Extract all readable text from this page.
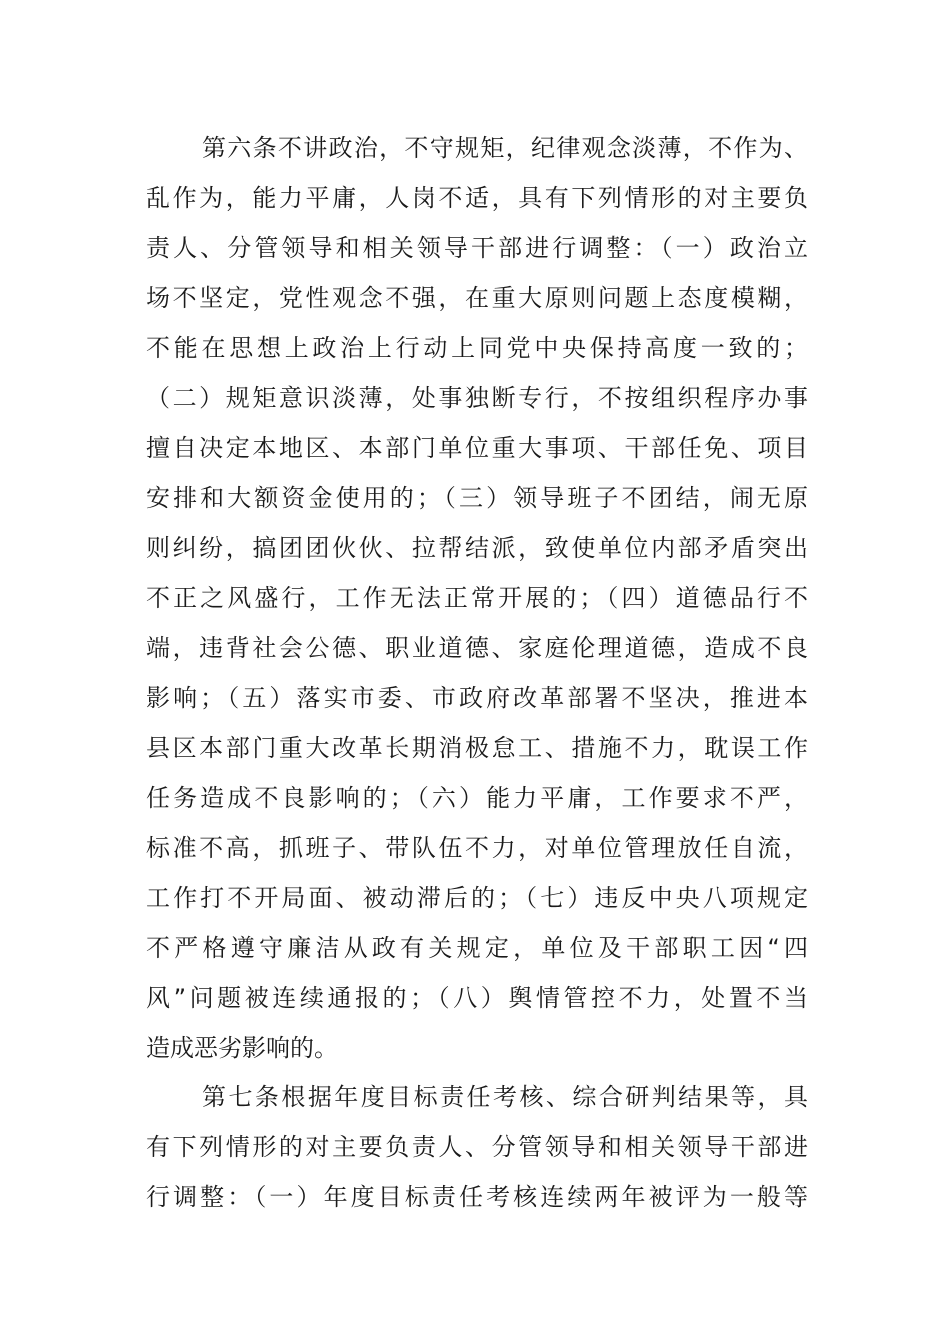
第六条不讲政治，不守规矩，纪律观念淡薄，不作为、
乱作为，能力平庸，人岗不适，具有下列情形的对主要负
责人、分管领导和相关领导干部进行调整：（一）政治立
场不坚定，党性观念不强，在重大原则问题上态度模糊，
不能在思想上政治上行动上同党中央保持高度一致的；
（二）规矩意识淡薄，处事独断专行，不按组织程序办事
擅自决定本地区、本部门单位重大事项、干部任免、项目
安排和大额资金使用的；（三）领导班子不团结，闹无原
则纠纷，搞团团伙伙、拉帮结派，致使单位内部矛盾突出
不正之风盛行，工作无法正常开展的；（四）道德品行不
端，违背社会公德、职业道德、家庭伦理道德，造成不良
影响；（五）落实市委、市政府改革部署不坚决，推进本
县区本部门重大改革长期消极怠工、措施不力，耽误工作
任务造成不良影响的；（六）能力平庸，工作要求不严，
标准不高，抓班子、带队伍不力，对单位管理放任自流，
工作打不开局面、被动滞后的；（七）违反中央八项规定
不严格遵守廉洁从政有关规定，单位及干部职工因“四
风”问题被连续通报的；（八）舆情管控不力，处置不当
造成恶劣影响的。
第七条根据年度目标责任考核、综合研判结果等，具
有下列情形的对主要负责人、分管领导和相关领导干部进
行调整：（一）年度目标责任考核连续两年被评为一般等
